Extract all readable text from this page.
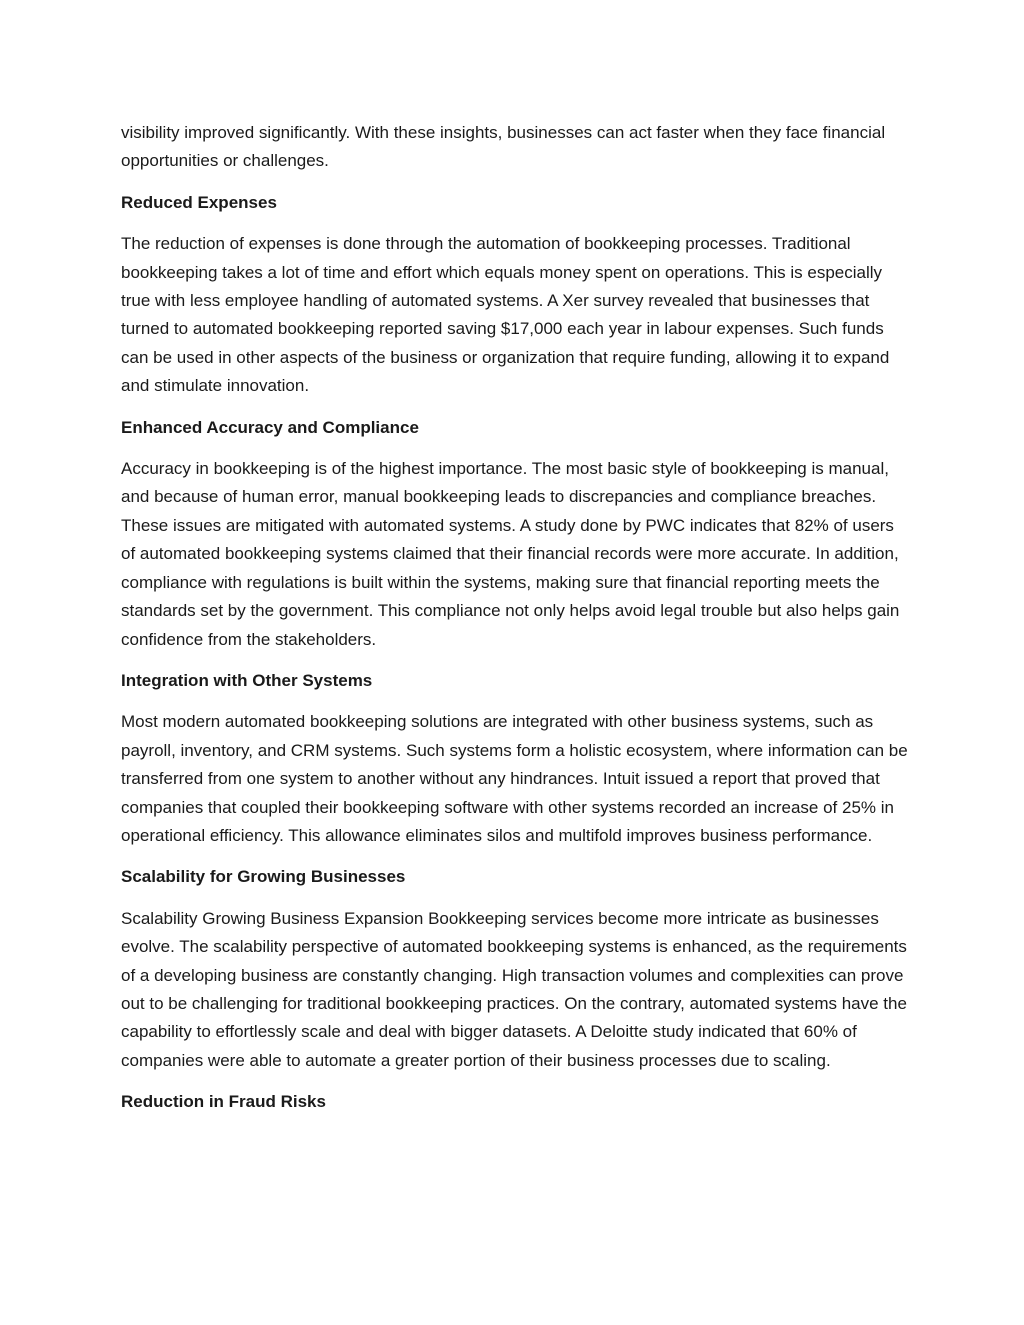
visibility improved significantly. With these insights, businesses can act faster when they face financial opportunities or challenges.

Reduced Expenses

The reduction of expenses is done through the automation of bookkeeping processes. Traditional bookkeeping takes a lot of time and effort which equals money spent on operations. This is especially true with less employee handling of automated systems. A Xer survey revealed that businesses that turned to automated bookkeeping reported saving $17,000 each year in labour expenses. Such funds can be used in other aspects of the business or organization that require funding, allowing it to expand and stimulate innovation.

Enhanced Accuracy and Compliance

Accuracy in bookkeeping is of the highest importance. The most basic style of bookkeeping is manual, and because of human error, manual bookkeeping leads to discrepancies and compliance breaches. These issues are mitigated with automated systems. A study done by PWC indicates that 82% of users of automated bookkeeping systems claimed that their financial records were more accurate. In addition, compliance with regulations is built within the systems, making sure that financial reporting meets the standards set by the government. This compliance not only helps avoid legal trouble but also helps gain confidence from the stakeholders.

Integration with Other Systems

Most modern automated bookkeeping solutions are integrated with other business systems, such as payroll, inventory, and CRM systems. Such systems form a holistic ecosystem, where information can be transferred from one system to another without any hindrances. Intuit issued a report that proved that companies that coupled their bookkeeping software with other systems recorded an increase of 25% in operational efficiency. This allowance eliminates silos and multifold improves business performance.

Scalability for Growing Businesses

Scalability Growing Business Expansion Bookkeeping services become more intricate as businesses evolve. The scalability perspective of automated bookkeeping systems is enhanced, as the requirements of a developing business are constantly changing. High transaction volumes and complexities can prove out to be challenging for traditional bookkeeping practices. On the contrary, automated systems have the capability to effortlessly scale and deal with bigger datasets. A Deloitte study indicated that 60% of companies were able to automate a greater portion of their business processes due to scaling.

Reduction in Fraud Risks
